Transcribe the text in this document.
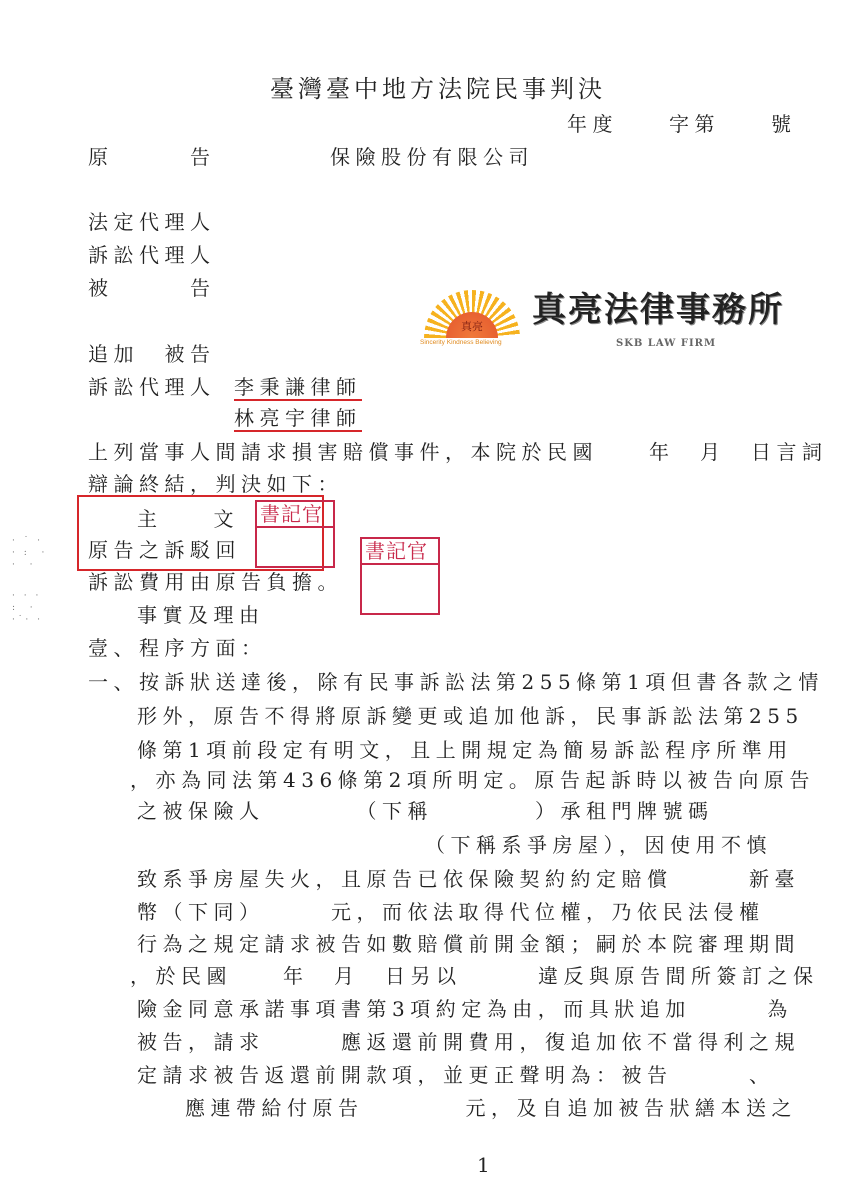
臺灣臺中地方法院民事判決
年度　　字第　　號
原　　　告	保險股份有限公司
法定代理人
訴訟代理人
被　　　告
真亮
Sincerity Kindness Believing
真亮法律事務所
SKB LAW FIRM
追加　被告
訴訟代理人 李秉謙律師
林亮宇律師
上列當事人間請求損害賠償事件，本院於民國　　年　月　日言詞
辯論終結，判決如下：
主　　文
原告之訴駁回
訴訟費用由原告負擔。
書記官
書記官
· ˙ ·
· :  ·
·  ·
· · ·
:  ·
·˙· ·	事實及理由
壹、程序方面：
一、按訴狀送達後，除有民事訴訟法第255條第1項但書各款之情
形外，原告不得將原訴變更或追加他訴，民事訴訟法第255
條第1項前段定有明文，且上開規定為簡易訴訟程序所準用
，亦為同法第436條第2項所明定。原告起訴時以被告向原告
之被保險人　　　　（下稱　　　　）承租門牌號碼
（下稱系爭房屋），因使用不慎
致系爭房屋失火，且原告已依保險契約約定賠償　　　新臺
幣（下同）　　　元，而依法取得代位權，乃依民法侵權
行為之規定請求被告如數賠償前開金額；嗣於本院審理期間
，於民國　　年　月　日另以　　　違反與原告間所簽訂之保
險金同意承諾事項書第3項約定為由，而具狀追加　　　為
被告，請求　　　應返還前開費用，復追加依不當得利之規
定請求被告返還前開款項，並更正聲明為：被告　　　、
應連帶給付原告　　　　元，及自追加被告狀繕本送之
1
